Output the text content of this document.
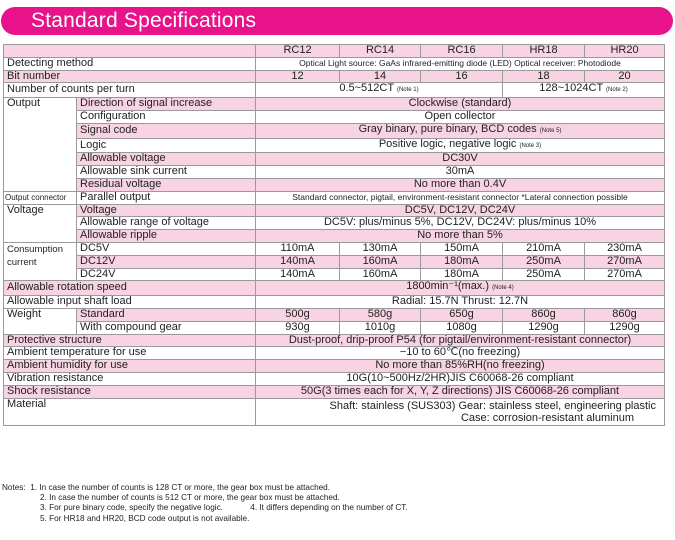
Standard Specifications
		RC12	RC14	RC16	HR18	HR20
Detecting method		Optical Light source: GaAs infrared-emitting diode (LED) Optical receiver: Photodiode				
Bit number		12	14	16	18	20
Number of counts per turn		0.5~512CT (Note 1)			128~1024CT (Note 2)	
Output	Direction of signal increase	Clockwise (standard)				
	Configuration	Open collector				
	Signal code	Gray binary, pure binary, BCD codes (Note 5)				
	Logic	Positive logic, negative logic (Note 3)				
	Allowable voltage	DC30V				
	Allowable sink current	30mA				
	Residual voltage	No more than 0.4V				
Output connector	Parallel output	Standard connector, pigtail, environment-resistant connector *Lateral connection possible				
Voltage	Voltage	DC5V, DC12V, DC24V				
	Allowable range of voltage	DC5V: plus/minus 5%, DC12V, DC24V: plus/minus 10%				
	Allowable ripple	No more than 5%				
Consumption
current	DC5V	110mA	130mA	150mA	210mA	230mA
	DC12V	140mA	160mA	180mA	250mA	270mA
	DC24V	140mA	160mA	180mA	250mA	270mA
Allowable rotation speed		1800min⁻¹(max.) (Note 4)				
Allowable input shaft load		Radial: 15.7N Thrust: 12.7N				
Weight	Standard	500g	580g	650g	860g	860g
	With compound gear	930g	1010g	1080g	1290g	1290g
Protective structure		Dust-proof, drip-proof P54 (for pigtail/environment-resistant connector)				
Ambient temperature for use		−10 to 60℃(no freezing)				
Ambient humidity for use		No more than 85%RH(no freezing)				
Vibration resistance		10G(10~500Hz/2HR)JIS C60068-26 compliant				
Shock resistance		50G(3 times each for X, Y, Z directions) JIS C60068-26 compliant				
Material		Shaft: stainless (SUS303) Gear: stainless steel, engineering plastic
Case: corrosion-resistant aluminum				
Notes: 1. In case the number of counts is 128 CT or more, the gear box must be attached.
2. In case the number of counts is 512 CT or more, the gear box must be attached.
3. For pure binary code, specify the negative logic.	4. It differs depending on the number of CT.
5. For HR18 and HR20, BCD code output is not available.
